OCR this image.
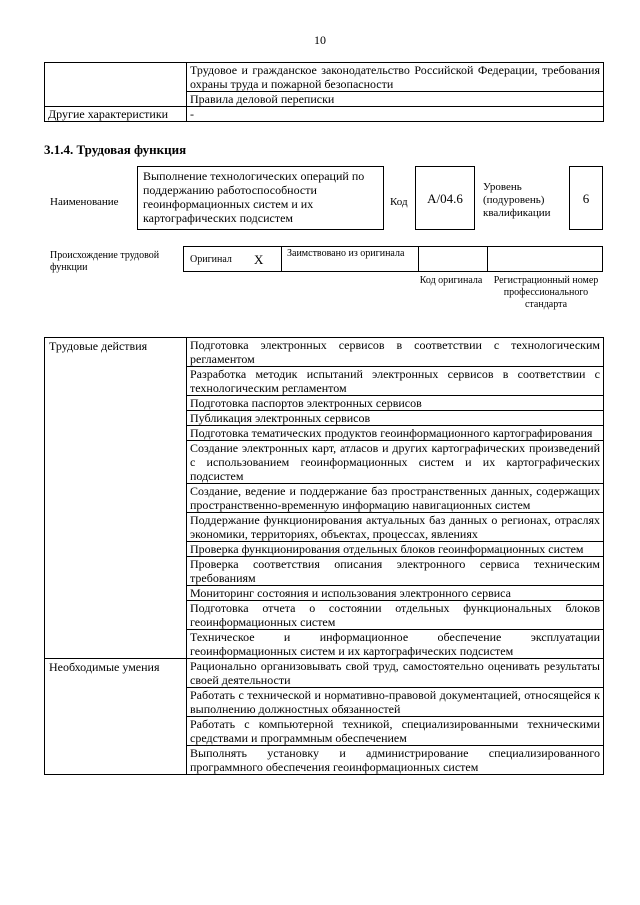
10
	Трудовое и гражданское законодательство Российской Федерации, требования охраны труда и пожарной безопасности
	Правила деловой переписки
Другие характеристики	-
3.1.4. Трудовая функция
Наименование
Выполнение технологических операций по поддержанию работоспособности геоинформационных систем и их картографических подсистем
Код	А/04.6
Уровень (подуровень) квалификации
6
Происхождение трудовой функции
Оригинал X Заимствовано из оригинала
Код оригинала	Регистрационный номер профессионального стандарта
Трудовые действия	Подготовка электронных сервисов в соответствии с технологическим регламентом
	Разработка методик испытаний электронных сервисов в соответствии с технологическим регламентом
	Подготовка паспортов электронных сервисов
	Публикация электронных сервисов
	Подготовка тематических продуктов геоинформационного картографирования
	Создание электронных карт, атласов и других картографических произведений с использованием геоинформационных систем и их картографических подсистем
	Создание, ведение и поддержание баз пространственных данных, содержащих пространственно-временную информацию навигационных систем
	Поддержание функционирования актуальных баз данных о регионах, отраслях экономики, территориях, объектах, процессах, явлениях
	Проверка функционирования отдельных блоков геоинформационных систем
	Проверка соответствия описания электронного сервиса техническим требованиям
	Мониторинг состояния и использования электронного сервиса
	Подготовка отчета о состоянии отдельных функциональных блоков геоинформационных систем
	Техническое и информационное обеспечение эксплуатации геоинформационных систем и их картографических подсистем
Необходимые умения	Рационально организовывать свой труд, самостоятельно оценивать результаты своей деятельности
	Работать с технической и нормативно-правовой документацией, относящейся к выполнению должностных обязанностей
	Работать с компьютерной техникой, специализированными техническими средствами и программным обеспечением
	Выполнять установку и администрирование специализированного программного обеспечения геоинформационных систем
